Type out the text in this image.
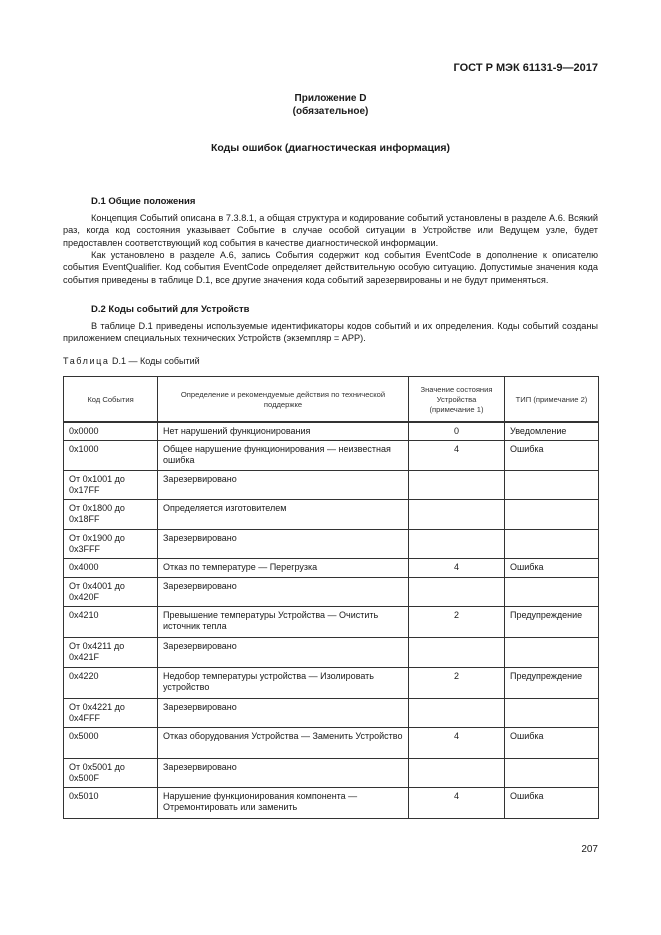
ГОСТ Р МЭК 61131-9—2017
Приложение D
(обязательное)
Коды ошибок (диагностическая информация)
D.1 Общие положения
Концепция Событий описана в 7.3.8.1, а общая структура и кодирование событий установлены в разделе А.6. Всякий раз, когда код состояния указывает Событие в случае особой ситуации в Устройстве или Ведущем узле, будет предоставлен соответствующий код события в качестве диагностической информации.
Как установлено в разделе А.6, запись События содержит код события EventCode в дополнение к описателю события EventQualifier. Код события EventCode определяет действительную особую ситуацию. Допустимые значения кода события приведены в таблице D.1, все другие значения кода событий зарезервированы и не будут применяться.
D.2 Коды событий для Устройств
В таблице D.1 приведены используемые идентификаторы кодов событий и их определения. Коды событий созданы приложением специальных технических Устройств (экземпляр = APP).
Таблица D.1 — Коды событий
Код События	Определение и рекомендуемые действия по технической поддержке	Значение состояния Устройства (примечание 1)	ТИП (примечание 2)
0x0000	Нет нарушений функционирования	0	Уведомление
0x1000	Общее нарушение функционирования — неизвестная ошибка	4	Ошибка
От 0x1001 до 0x17FF	Зарезервировано		
От 0x1800 до 0x18FF	Определяется изготовителем		
От 0x1900 до 0x3FFF	Зарезервировано		
0x4000	Отказ по температуре — Перегрузка	4	Ошибка
От 0x4001 до 0x420F	Зарезервировано		
0x4210	Превышение температуры Устройства — Очистить источник тепла	2	Предупреждение
От 0x4211 до 0x421F	Зарезервировано		
0x4220	Недобор температуры устройства — Изолировать устройство	2	Предупреждение
От 0x4221 до 0x4FFF	Зарезервировано		
0x5000	Отказ оборудования Устройства — Заменить Устройство	4	Ошибка
От 0x5001 до 0x500F	Зарезервировано		
0x5010	Нарушение функционирования компонента — Отремонтировать или заменить	4	Ошибка
207
